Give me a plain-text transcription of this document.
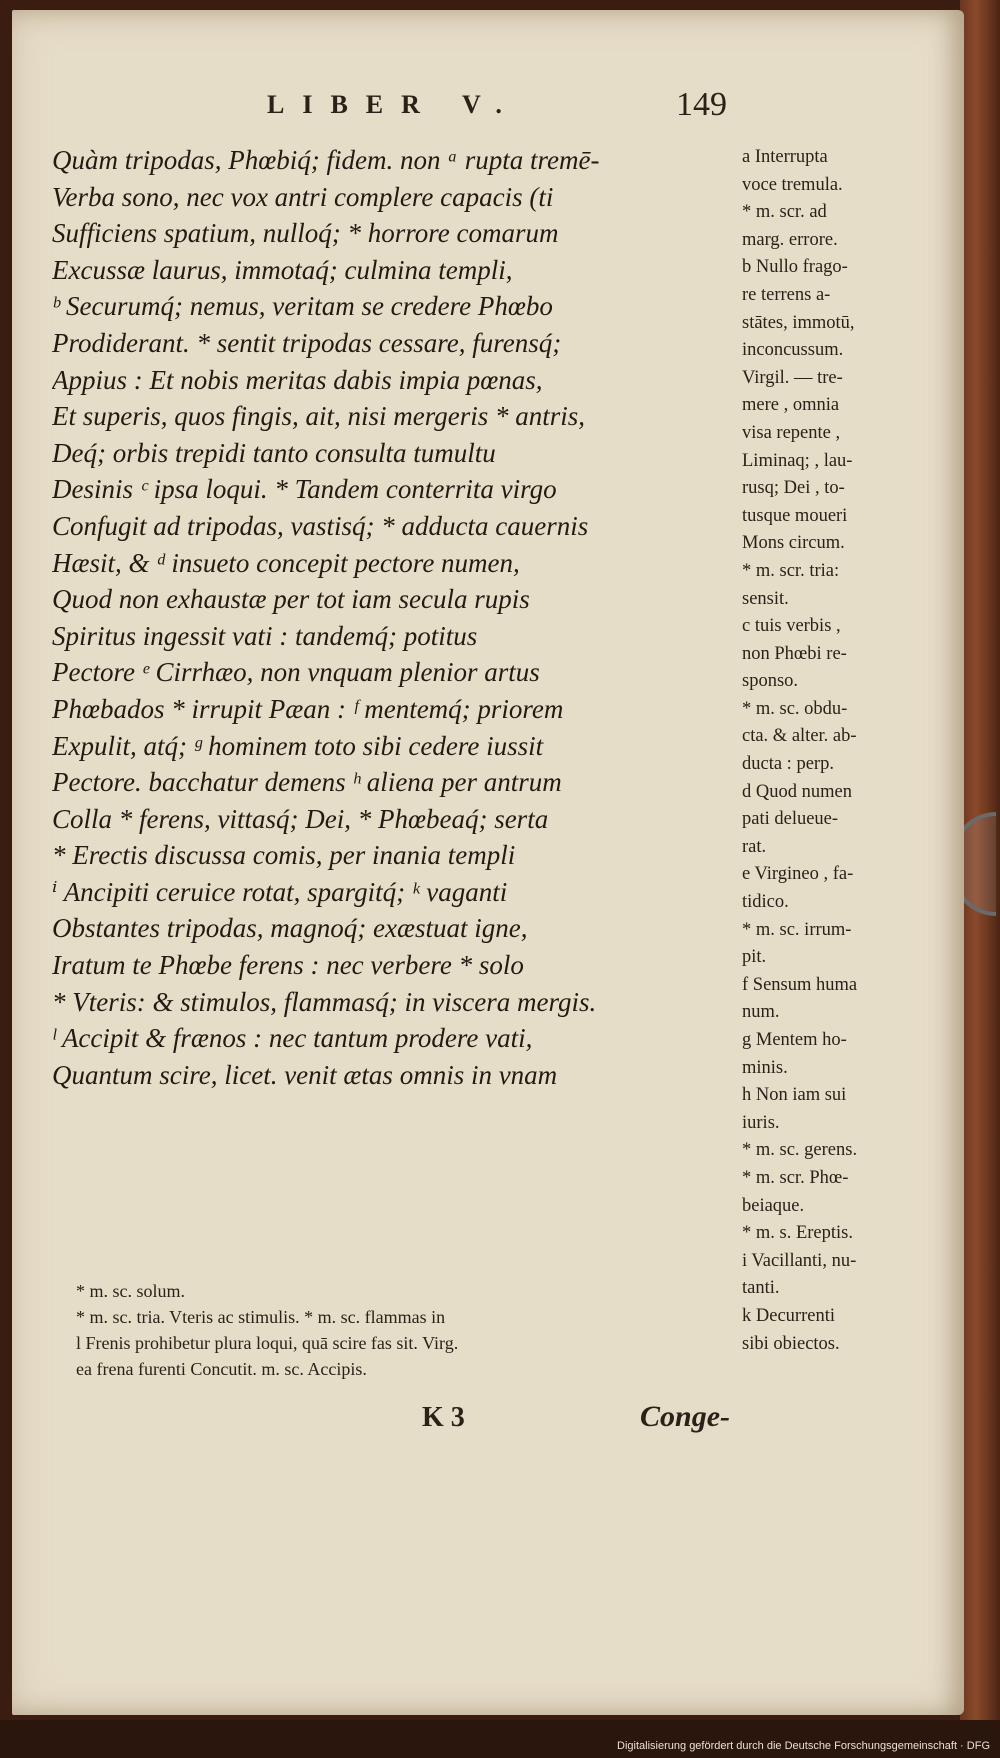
LIBER V.	149
Quàm tripodas, Phœbiq́; fidem. non ᵃ rupta tremē-
Verba sono, nec vox antri complere capacis (ti
Sufficiens spatium, nulloq́; * horrore comarum
Excussæ laurus, immotaq́; culmina templi,
ᵇ Securumq́; nemus, veritam se credere Phœbo
Prodiderant. * sentit tripodas cessare, furensq́;
Appius : Et nobis meritas dabis impia pœnas,
Et superis, quos fingis, ait, nisi mergeris * antris,
Deq́; orbis trepidi tanto consulta tumultu
Desinis ᶜ ipsa loqui. * Tandem conterrita virgo
Confugit ad tripodas, vastisq́; * adducta cauernis
Hæsit, & ᵈ insueto concepit pectore numen,
Quod non exhaustæ per tot iam secula rupis
Spiritus ingessit vati : tandemq́; potitus
Pectore ᵉ Cirrhæo, non vnquam plenior artus
Phœbados * irrupit Pæan : ᶠ mentemq́; priorem
Expulit, atq́; ᵍ hominem toto sibi cedere iussit
Pectore. bacchatur demens ʰ aliena per antrum
Colla * ferens, vittasq́; Dei, * Phœbeaq́; serta
* Erectis discussa comis, per inania templi
ⁱ Ancipiti ceruice rotat, spargitq́; ᵏ vaganti
Obstantes tripodas, magnoq́; exæstuat igne,
Iratum te Phœbe ferens : nec verbere * solo
* Vteris: & stimulos, flammasq́; in viscera mergis.
ˡ Accipit & frænos : nec tantum prodere vati,
Quantum scire, licet. venit ætas omnis in vnam
a Interrupta
voce tremula.
* m. scr. ad
marg. errore.
b Nullo frago-
re terrens a-
stātes, immotū,
inconcussum.
Virgil. — tre-
mere , omnia
visa repente ,
Liminaq; , lau-
rusq; Dei , to-
tusque moueri
Mons circum.
* m. scr. tria:
sensit.
c tuis verbis ,
non Phœbi re-
sponso.
* m. sc. obdu-
cta. & alter. ab-
ducta : perp.
d Quod numen
pati delueue-
rat.
e Virgineo , fa-
tidico.
* m. sc. irrum-
pit.
f Sensum huma
num.
g Mentem ho-
minis.
h Non iam sui
iuris.
* m. sc. gerens.
* m. scr. Phœ-
beiaque.
* m. s. Ereptis.
i Vacillanti, nu-
tanti.
k Decurrenti
sibi obiectos.
* m. sc. solum.
* m. sc. tria. Vteris ac stimulis. * m. sc. flammas in
l Frenis prohibetur plura loqui, quā scire fas sit. Virg.
ea frena furenti Concutit. m. sc. Accipis.
K 3	Conge-
Digitalisierung gefördert durch die Deutsche Forschungsgemeinschaft · DFG
